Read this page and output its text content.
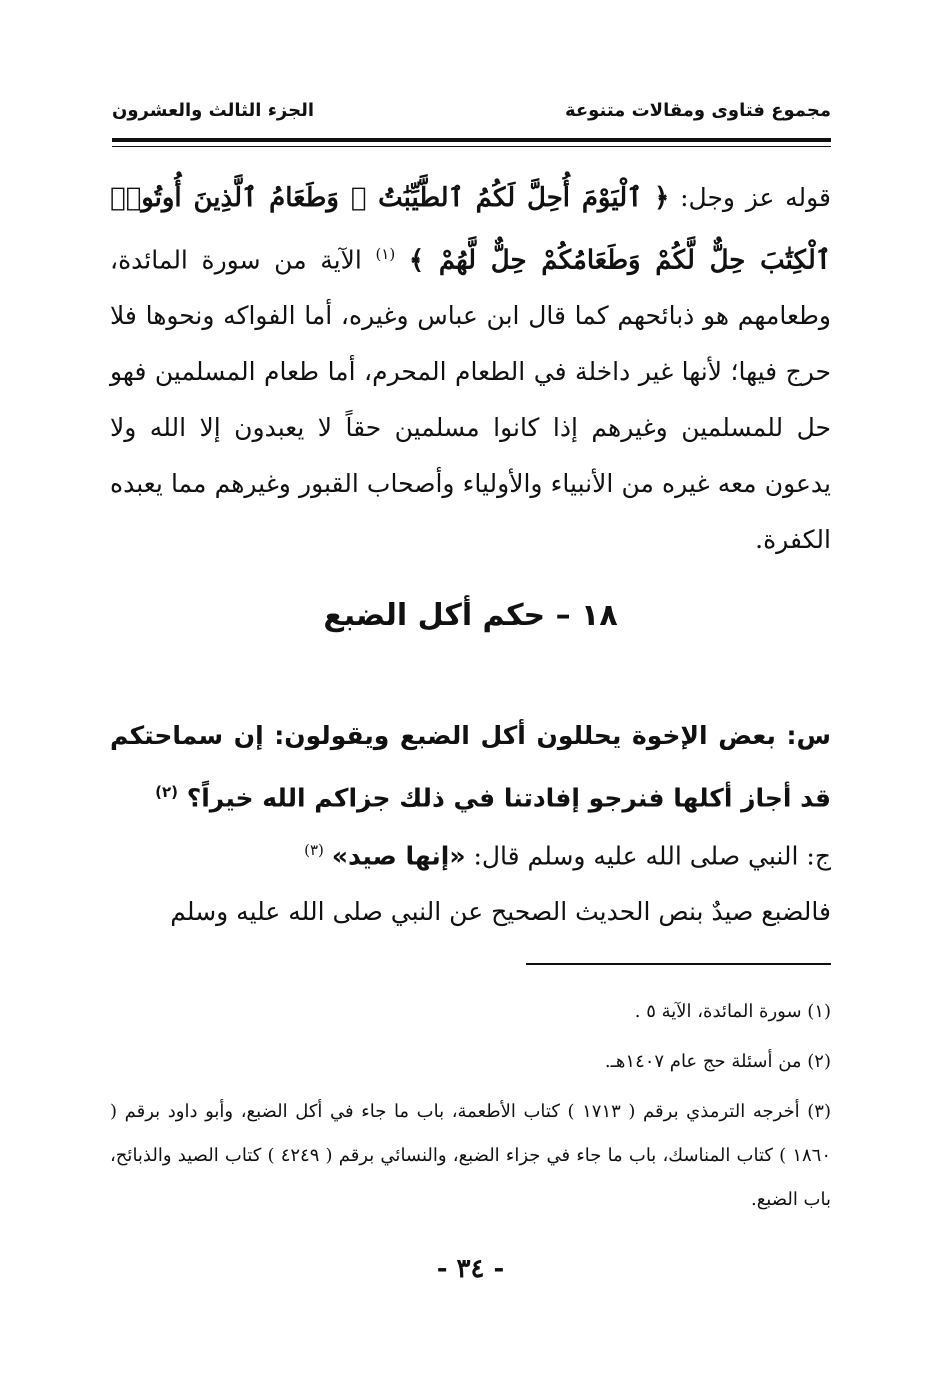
مجموع فتاوى ومقالات متنوعة
الجزء الثالث والعشرون
قوله عز وجل: ﴿ ٱلْيَوْمَ أُحِلَّ لَكُمُ ٱلطَّيِّبَٰتُ ۖ وَطَعَامُ ٱلَّذِينَ أُوتُوا۟ ٱلْكِتَٰبَ حِلٌّ لَّكُمْ وَطَعَامُكُمْ حِلٌّ لَّهُمْ ﴾ $^{(١)}$ الآية من سورة المائدة، وطعامهم هو ذبائحهم كما قال ابن عباس وغيره، أما الفواكه ونحوها فلا حرج فيها؛ لأنها غير داخلة في الطعام المحرم، أما طعام المسلمين فهو حل للمسلمين وغيرهم إذا كانوا مسلمين حقاً لا يعبدون إلا الله ولا يدعون معه غيره من الأنبياء والأولياء وأصحاب القبور وغيرهم مما يعبده الكفرة.
١٨ – حكم أكل الضبع
س: بعض الإخوة يحللون أكل الضبع ويقولون: إن سماحتكم قد أجاز أكلها فنرجو إفادتنا في ذلك جزاكم الله خيراً؟ $^{(٢)}$
ج: النبي صلى الله عليه وسلم قال: «إنها صيد» $^{(٣)}$
فالضبع صيدٌ بنص الحديث الصحيح عن النبي صلى الله عليه وسلم

(١) سورة المائدة، الآية ٥ .

(٢) من أسئلة حج عام ١٤٠٧هـ.

(٣) أخرجه الترمذي برقم ( ١٧١٣ ) كتاب الأطعمة، باب ما جاء في أكل الضبع، وأبو داود برقم ( ١٨٦٠ ) كتاب المناسك، باب ما جاء في جزاء الضبع، والنسائي برقم ( ٤٢٤٩ ) كتاب الصيد والذبائح، باب الضبع.

- ٣٤ -
